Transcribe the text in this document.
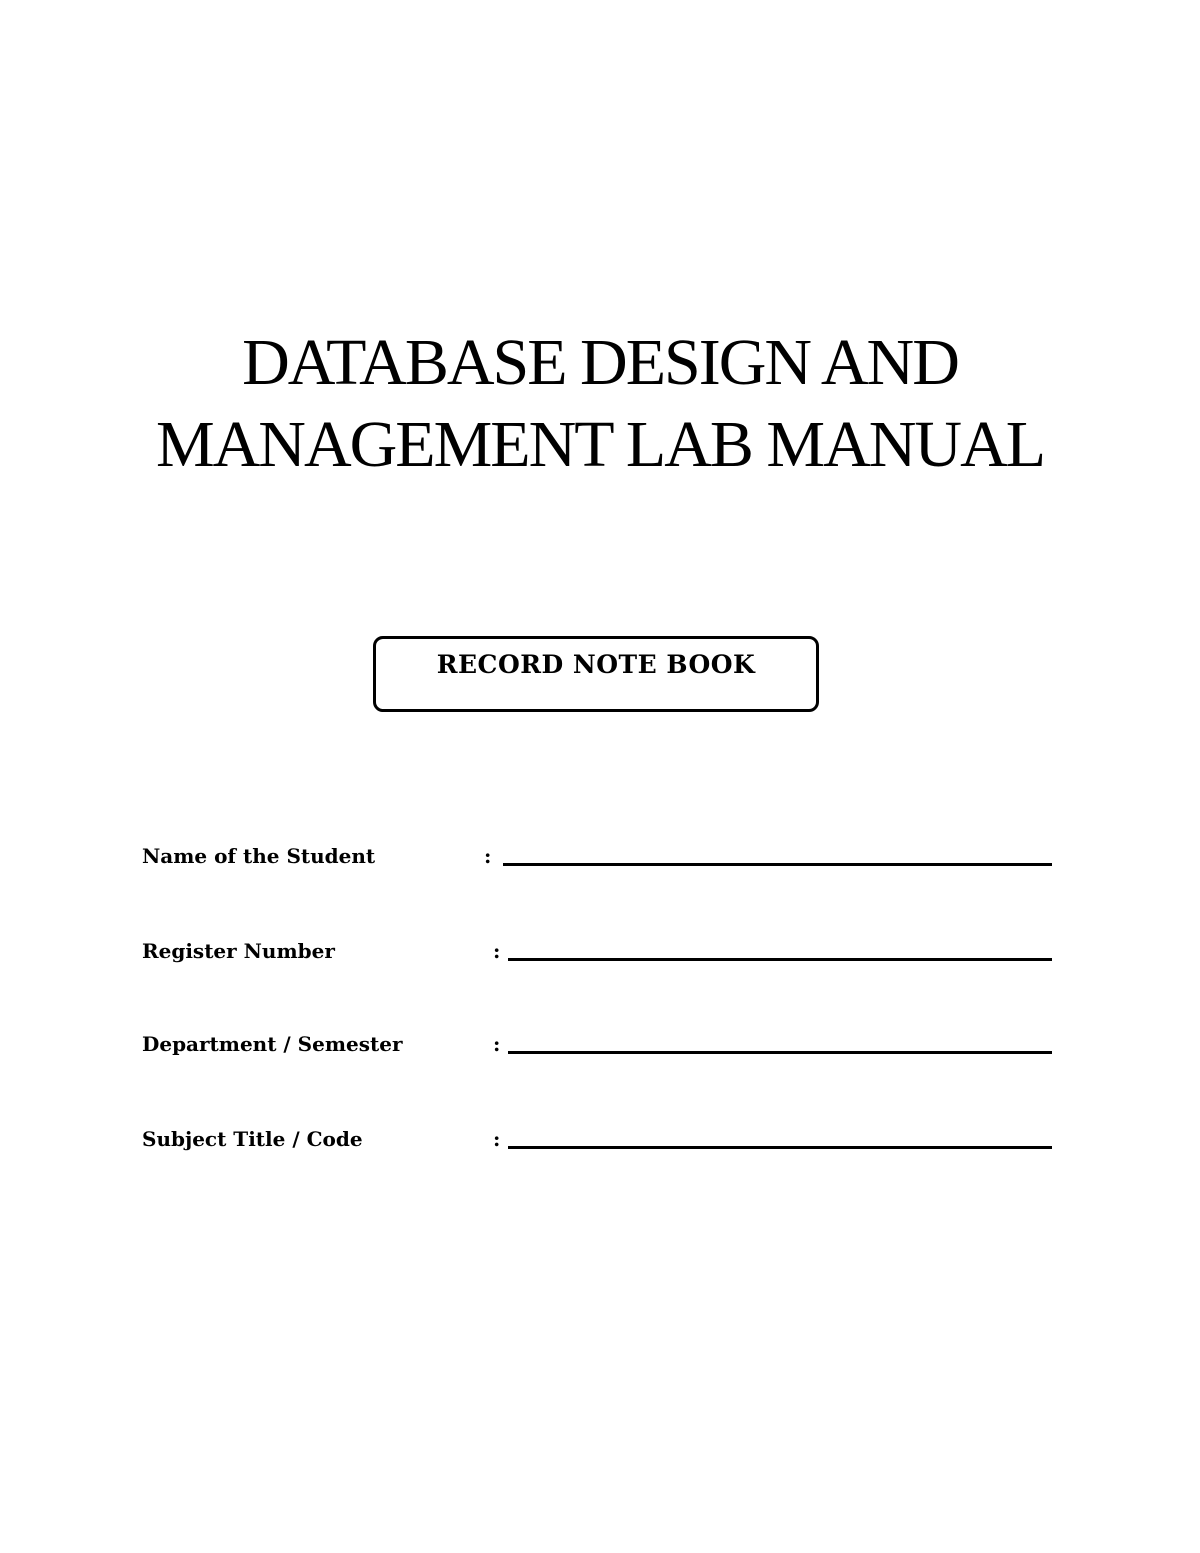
DATABASE DESIGN AND
MANAGEMENT LAB MANUAL
RECORD NOTE BOOK
Name of the Student	:
Register Number	:
Department / Semester	:
Subject Title / Code	:
